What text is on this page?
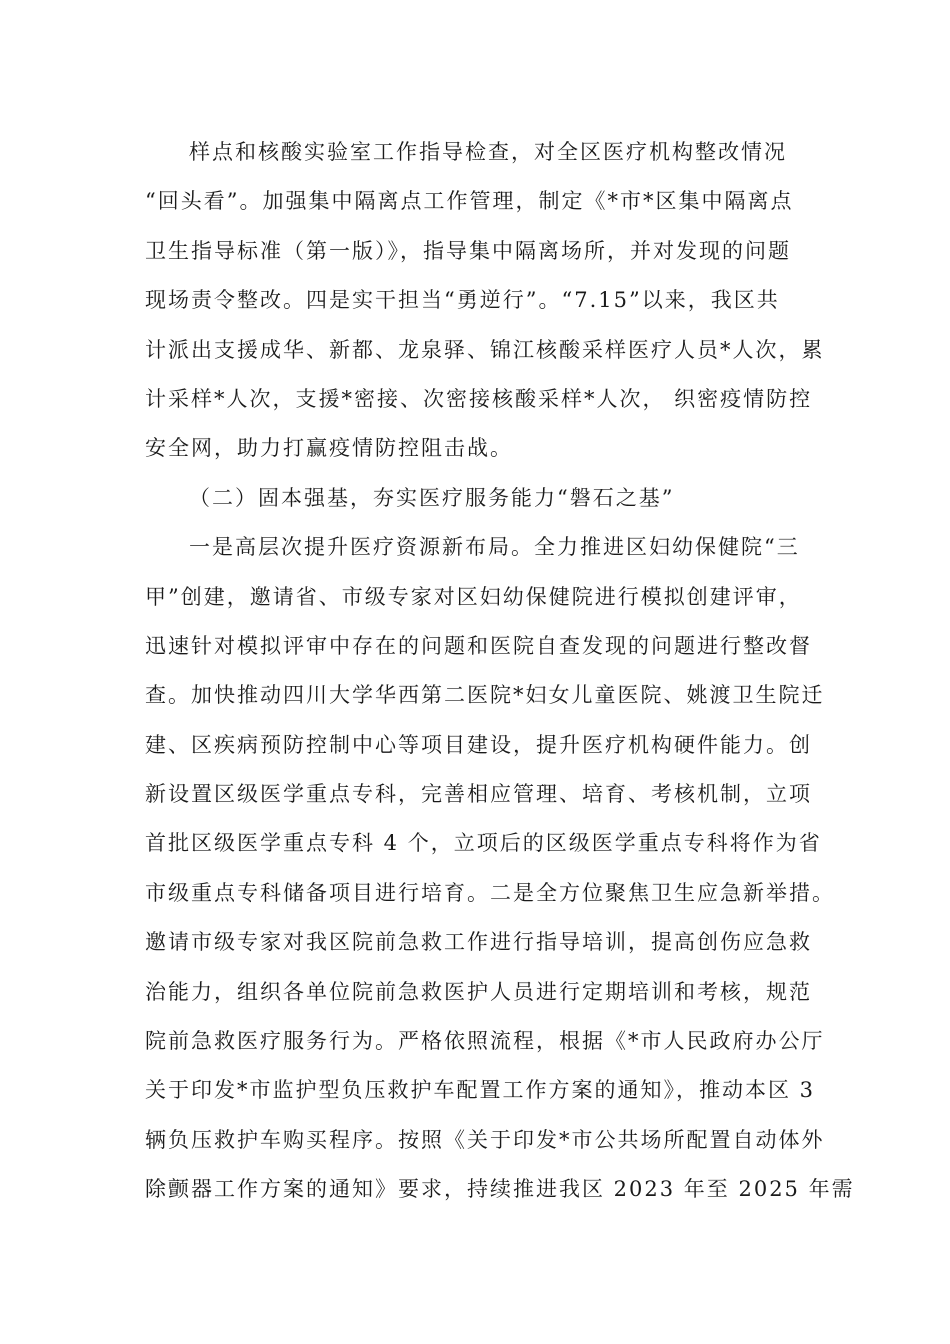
样点和核酸实验室工作指导检查，对全区医疗机构整改情况
“回头看”。加强集中隔离点工作管理，制定《*市*区集中隔离点
卫生指导标准（第一版）》，指导集中隔离场所，并对发现的问题
现场责令整改。四是实干担当“勇逆行”。“7.15”以来，我区共
计派出支援成华、新都、龙泉驿、锦江核酸采样医疗人员*人次，累
计采样*人次，支援*密接、次密接核酸采样*人次， 织密疫情防控
安全网，助力打赢疫情防控阻击战。
（二）固本强基，夯实医疗服务能力“磐石之基”
一是高层次提升医疗资源新布局。全力推进区妇幼保健院“三
甲”创建，邀请省、市级专家对区妇幼保健院进行模拟创建评审，
迅速针对模拟评审中存在的问题和医院自查发现的问题进行整改督
查。加快推动四川大学华西第二医院*妇女儿童医院、姚渡卫生院迁
建、区疾病预防控制中心等项目建设，提升医疗机构硬件能力。创
新设置区级医学重点专科，完善相应管理、培育、考核机制，立项
首批区级医学重点专科 4 个，立项后的区级医学重点专科将作为省
市级重点专科储备项目进行培育。二是全方位聚焦卫生应急新举措。
邀请市级专家对我区院前急救工作进行指导培训，提高创伤应急救
治能力，组织各单位院前急救医护人员进行定期培训和考核，规范
院前急救医疗服务行为。严格依照流程，根据《*市人民政府办公厅
关于印发*市监护型负压救护车配置工作方案的通知》，推动本区 3
辆负压救护车购买程序。按照《关于印发*市公共场所配置自动体外
除颤器工作方案的通知》要求，持续推进我区 2023 年至 2025 年需
